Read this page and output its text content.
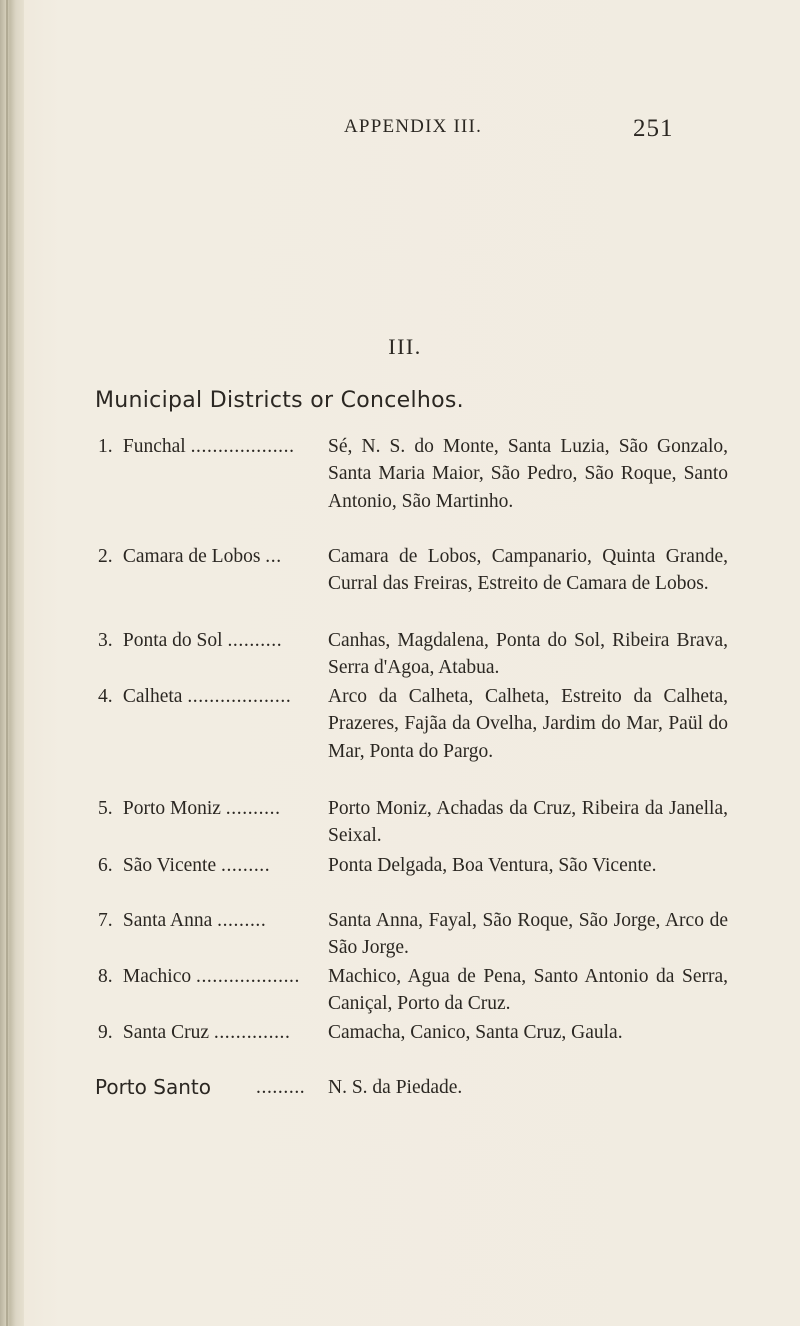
APPENDIX III.	251
III.
Municipal Districts or Concelhos.
1. Funchal ...................	Sé, N. S. do Monte, Santa Luzia, São Gonzalo, Santa Maria Maior, São Pedro, São Roque, Santo Antonio, São Martinho.
2. Camara de Lobos ...	Camara de Lobos, Campanario, Quinta Grande, Curral das Freiras, Estreito de Camara de Lobos.
3. Ponta do Sol ..........	Canhas, Magdalena, Ponta do Sol, Ribeira Brava, Serra d'Agoa, Atabua.
4. Calheta ...................	Arco da Calheta, Calheta, Estreito da Calheta, Prazeres, Fajãa da Ovelha, Jardim do Mar, Paül do Mar, Ponta do Pargo.
5. Porto Moniz ..........	Porto Moniz, Achadas da Cruz, Ribeira da Janella, Seixal.
6. São Vicente .........	Ponta Delgada, Boa Ventura, São Vicente.
7. Santa Anna .........	Santa Anna, Fayal, São Roque, São Jorge, Arco de São Jorge.
8. Machico ...................	Machico, Agua de Pena, Santo Antonio da Serra, Caniçal, Porto da Cruz.
9. Santa Cruz ..............	Camacha, Canico, Santa Cruz, Gaula.
Porto Santo ......... N. S. da Piedade.
